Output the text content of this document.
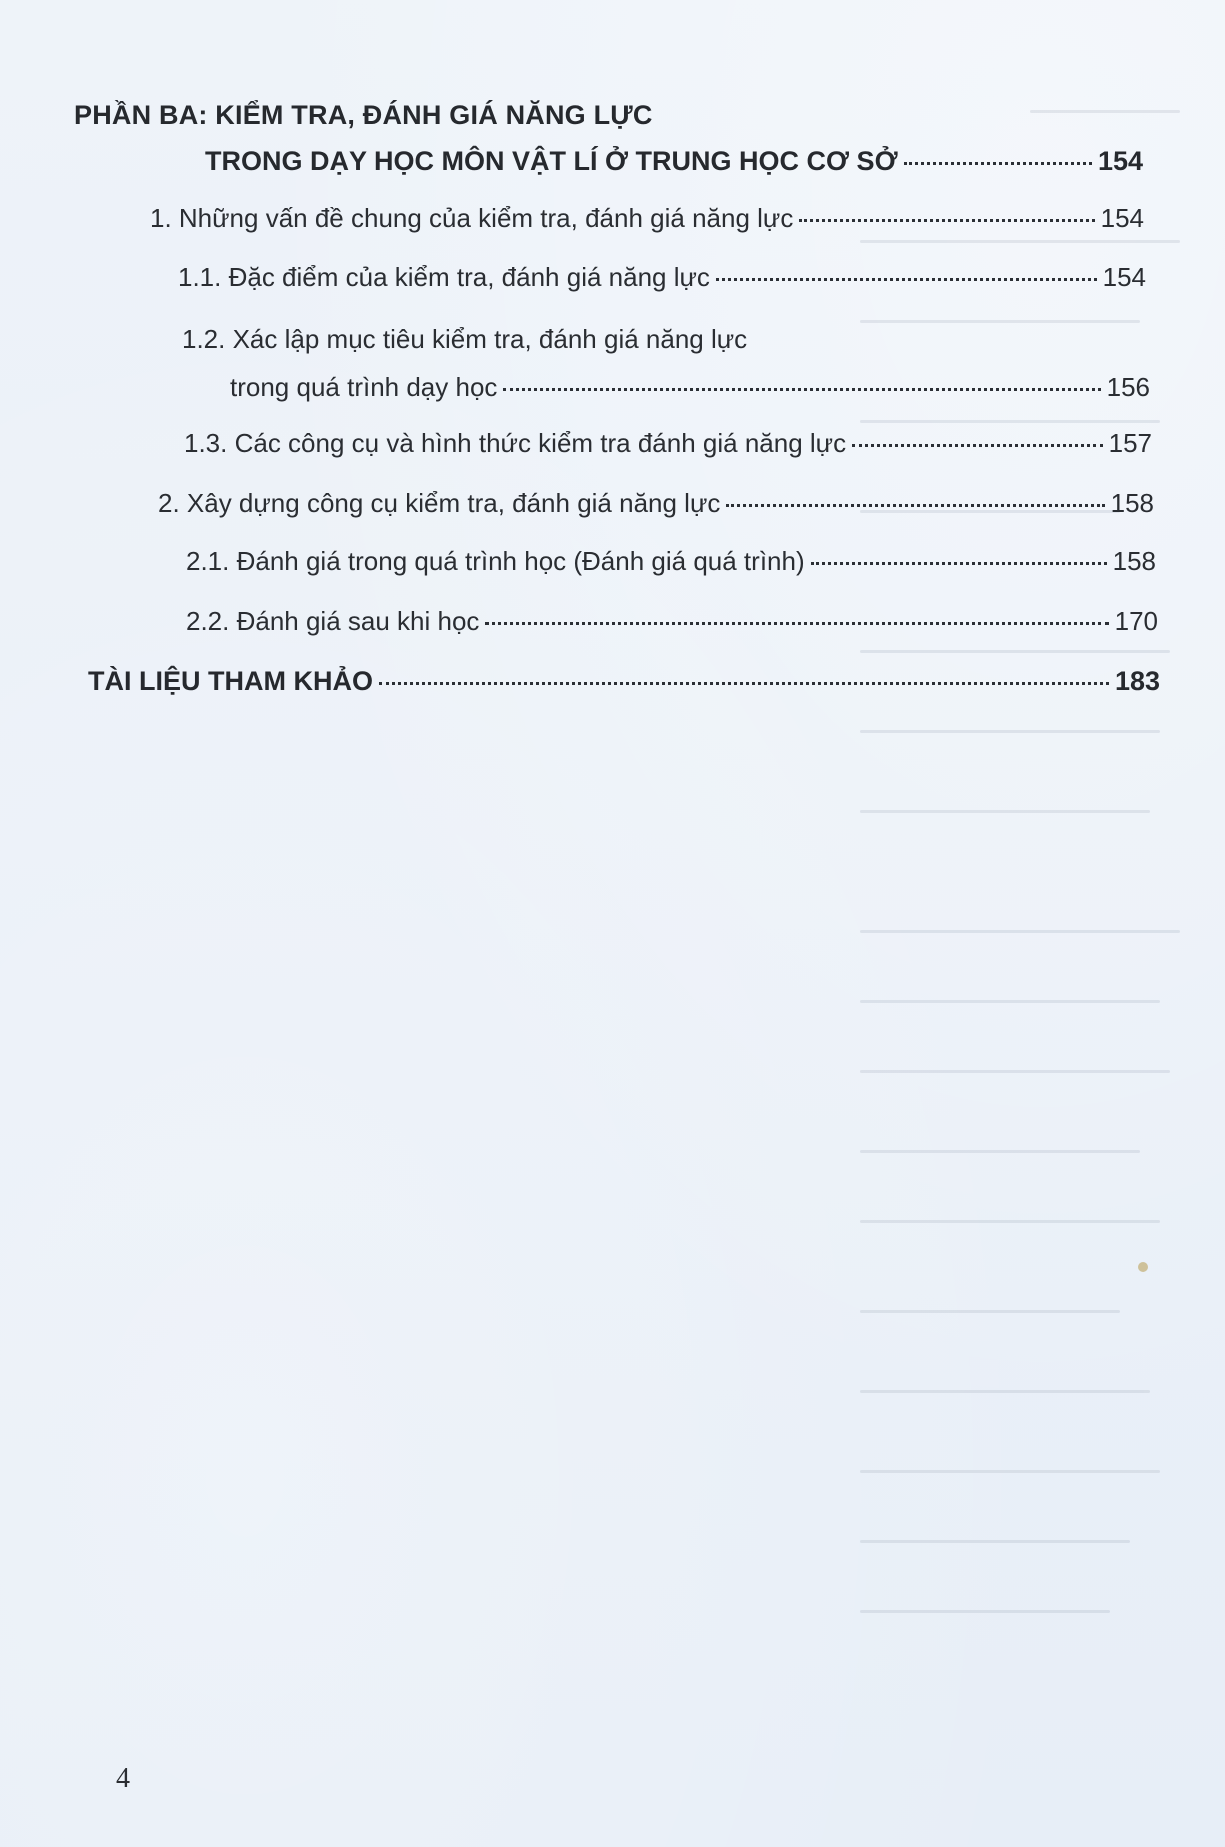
PHẦN BA: KIỂM TRA, ĐÁNH GIÁ NĂNG LỰC
TRONG DẠY HỌC MÔN VẬT LÍ Ở TRUNG HỌC CƠ SỞ	154
1. Những vấn đề chung của kiểm tra, đánh giá năng lực	154
1.1. Đặc điểm của kiểm tra, đánh giá năng lực	154
1.2. Xác lập mục tiêu kiểm tra, đánh giá năng lực
trong quá trình dạy học	156
1.3. Các công cụ và hình thức kiểm tra đánh giá năng lực	157
2. Xây dựng công cụ kiểm tra, đánh giá năng lực	158
2.1. Đánh giá trong quá trình học (Đánh giá quá trình)	158
2.2. Đánh giá sau khi học	170
TÀI LIỆU THAM KHẢO	183
4
